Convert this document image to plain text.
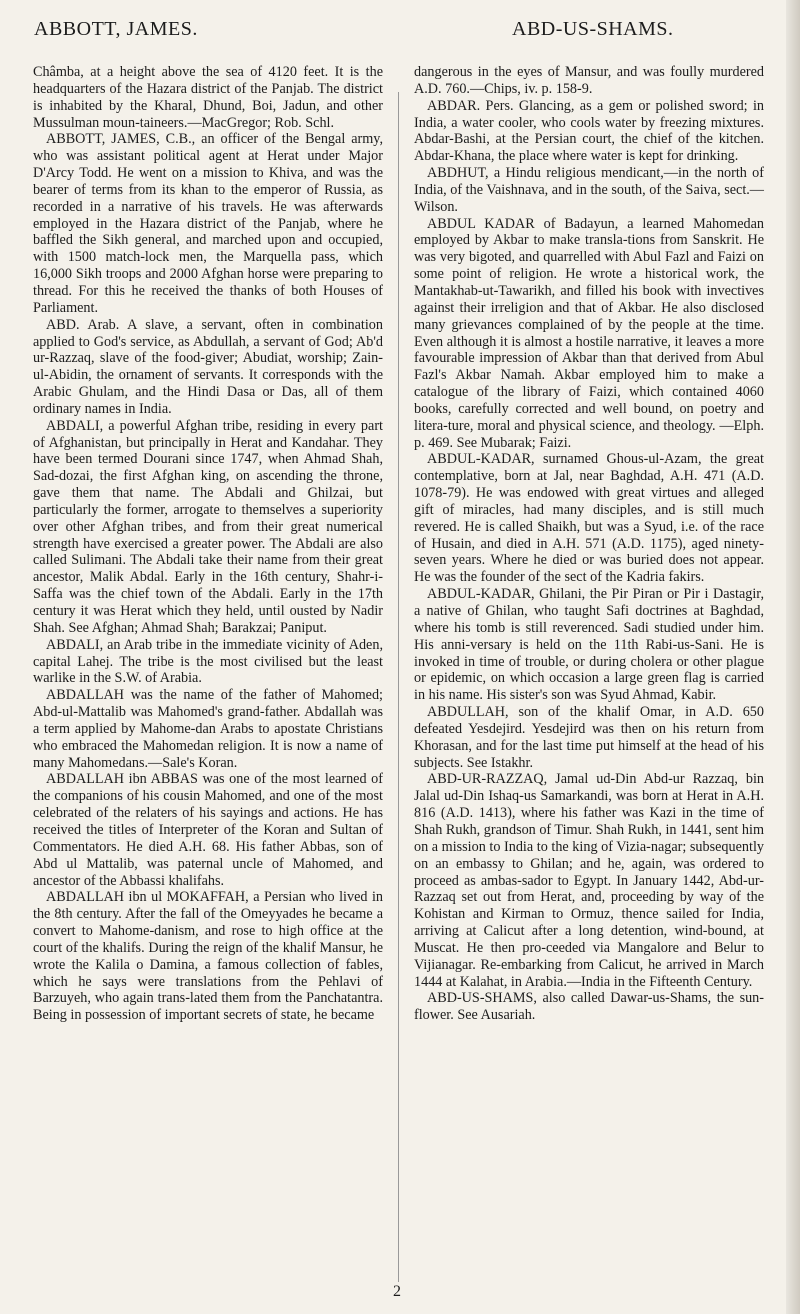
ABBOTT, JAMES.	ABD-US-SHAMS.

Châmba, at a height above the sea of 4120 feet. It is the headquarters of the Hazara district of the Panjab. The district is inhabited by the Kharal, Dhund, Boi, Jadun, and other Mussulman moun-taineers.—MacGregor; Rob. Schl.

ABBOTT, JAMES, C.B., an officer of the Bengal army, who was assistant political agent at Herat under Major D'Arcy Todd. He went on a mission to Khiva, and was the bearer of terms from its khan to the emperor of Russia, as recorded in a narrative of his travels. He was afterwards employed in the Hazara district of the Panjab, where he baffled the Sikh general, and marched upon and occupied, with 1500 match-lock men, the Marquella pass, which 16,000 Sikh troops and 2000 Afghan horse were preparing to thread. For this he received the thanks of both Houses of Parliament.

ABD. Arab. A slave, a servant, often in combination applied to God's service, as Abdullah, a servant of God; Ab'd ur-Razzaq, slave of the food-giver; Abudiat, worship; Zain-ul-Abidin, the ornament of servants. It corresponds with the Arabic Ghulam, and the Hindi Dasa or Das, all of them ordinary names in India.

ABDALI, a powerful Afghan tribe, residing in every part of Afghanistan, but principally in Herat and Kandahar. They have been termed Dourani since 1747, when Ahmad Shah, Sad-dozai, the first Afghan king, on ascending the throne, gave them that name. The Abdali and Ghilzai, but particularly the former, arrogate to themselves a superiority over other Afghan tribes, and from their great numerical strength have exercised a greater power. The Abdali are also called Sulimani. The Abdali take their name from their great ancestor, Malik Abdal. Early in the 16th century, Shahr-i-Saffa was the chief town of the Abdali. Early in the 17th century it was Herat which they held, until ousted by Nadir Shah. See Afghan; Ahmad Shah; Barakzai; Paniput.

ABDALI, an Arab tribe in the immediate vicinity of Aden, capital Lahej. The tribe is the most civilised but the least warlike in the S.W. of Arabia.

ABDALLAH was the name of the father of Mahomed; Abd-ul-Mattalib was Mahomed's grand-father. Abdallah was a term applied by Mahome-dan Arabs to apostate Christians who embraced the Mahomedan religion. It is now a name of many Mahomedans.—Sale's Koran.

ABDALLAH ibn ABBAS was one of the most learned of the companions of his cousin Mahomed, and one of the most celebrated of the relaters of his sayings and actions. He has received the titles of Interpreter of the Koran and Sultan of Commentators. He died A.H. 68. His father Abbas, son of Abd ul Mattalib, was paternal uncle of Mahomed, and ancestor of the Abbassi khalifahs.

ABDALLAH ibn ul MOKAFFAH, a Persian who lived in the 8th century. After the fall of the Omeyyades he became a convert to Mahome-danism, and rose to high office at the court of the khalifs. During the reign of the khalif Mansur, he wrote the Kalila o Damina, a famous collection of fables, which he says were translations from the Pehlavi of Barzuyeh, who again trans-lated them from the Panchatantra. Being in possession of important secrets of state, he became

dangerous in the eyes of Mansur, and was foully murdered A.D. 760.—Chips, iv. p. 158-9.

ABDAR. Pers. Glancing, as a gem or polished sword; in India, a water cooler, who cools water by freezing mixtures. Abdar-Bashi, at the Persian court, the chief of the kitchen. Abdar-Khana, the place where water is kept for drinking.

ABDHUT, a Hindu religious mendicant,—in the north of India, of the Vaishnava, and in the south, of the Saiva, sect.—Wilson.

ABDUL KADAR of Badayun, a learned Mahomedan employed by Akbar to make transla-tions from Sanskrit. He was very bigoted, and quarrelled with Abul Fazl and Faizi on some point of religion. He wrote a historical work, the Mantakhab-ut-Tawarikh, and filled his book with invectives against their irreligion and that of Akbar. He also disclosed many grievances complained of by the people at the time. Even although it is almost a hostile narrative, it leaves a more favourable impression of Akbar than that derived from Abul Fazl's Akbar Namah. Akbar employed him to make a catalogue of the library of Faizi, which contained 4060 books, carefully corrected and well bound, on poetry and litera-ture, moral and physical science, and theology. —Elph. p. 469. See Mubarak; Faizi.

ABDUL-KADAR, surnamed Ghous-ul-Azam, the great contemplative, born at Jal, near Baghdad, A.H. 471 (A.D. 1078-79). He was endowed with great virtues and alleged gift of miracles, had many disciples, and is still much revered. He is called Shaikh, but was a Syud, i.e. of the race of Husain, and died in A.H. 571 (A.D. 1175), aged ninety-seven years. Where he died or was buried does not appear. He was the founder of the sect of the Kadria fakirs.

ABDUL-KADAR, Ghilani, the Pir Piran or Pir i Dastagir, a native of Ghilan, who taught Safi doctrines at Baghdad, where his tomb is still reverenced. Sadi studied under him. His anni-versary is held on the 11th Rabi-us-Sani. He is invoked in time of trouble, or during cholera or other plague or epidemic, on which occasion a large green flag is carried in his name. His sister's son was Syud Ahmad, Kabir.

ABDULLAH, son of the khalif Omar, in A.D. 650 defeated Yesdejird. Yesdejird was then on his return from Khorasan, and for the last time put himself at the head of his subjects. See Istakhr.

ABD-UR-RAZZAQ, Jamal ud-Din Abd-ur Razzaq, bin Jalal ud-Din Ishaq-us Samarkandi, was born at Herat in A.H. 816 (A.D. 1413), where his father was Kazi in the time of Shah Rukh, grandson of Timur. Shah Rukh, in 1441, sent him on a mission to India to the king of Vizia-nagar; subsequently on an embassy to Ghilan; and he, again, was ordered to proceed as ambas-sador to Egypt. In January 1442, Abd-ur-Razzaq set out from Herat, and, proceeding by way of the Kohistan and Kirman to Ormuz, thence sailed for India, arriving at Calicut after a long detention, wind-bound, at Muscat. He then pro-ceeded via Mangalore and Belur to Vijianagar. Re-embarking from Calicut, he arrived in March 1444 at Kalahat, in Arabia.—India in the Fifteenth Century.

ABD-US-SHAMS, also called Dawar-us-Shams, the sun-flower. See Ausariah.

2
